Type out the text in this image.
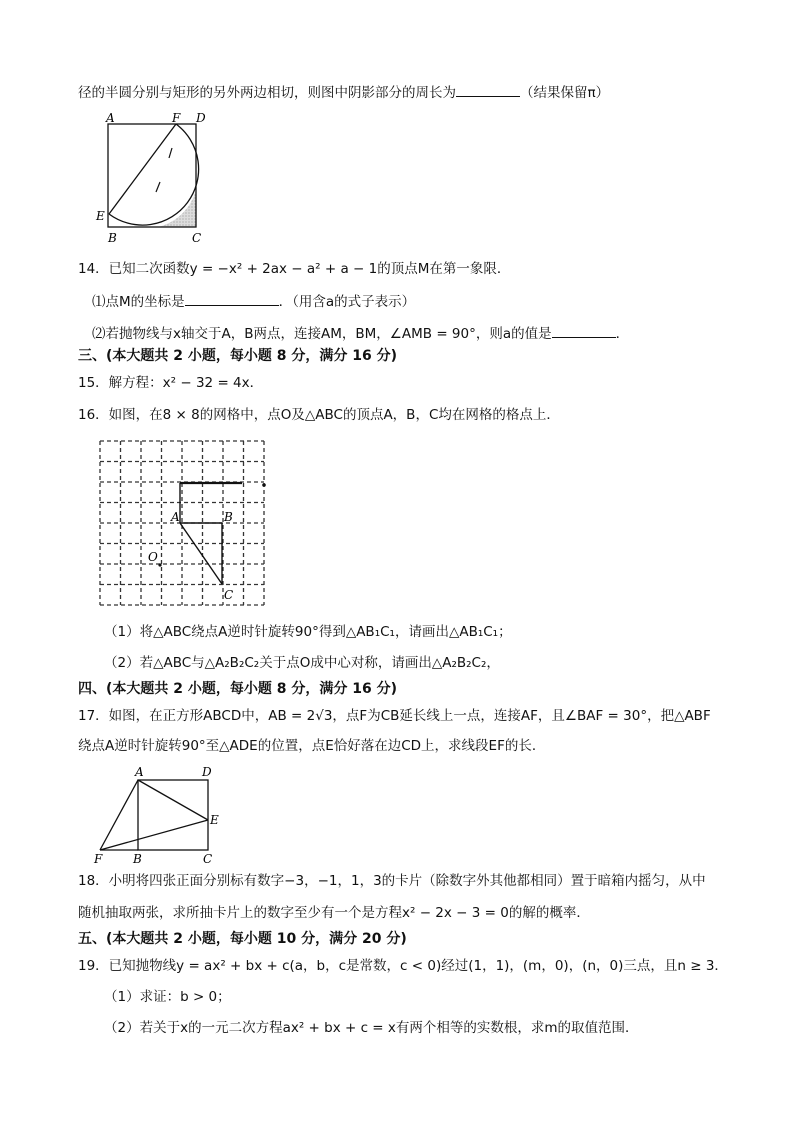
径的半圆分别与矩形的另外两边相切，则图中阴影部分的周长为	（结果保留π）
A	F D
E
B	C
14．已知二次函数y = −x² + 2ax − a² + a − 1的顶点M在第一象限．
⑴点M的坐标是	．（用含a的式子表示）
⑵若抛物线与x轴交于A，B两点，连接AM，BM，∠AMB = 90°，则a的值是	．
三、(本大题共 2 小题，每小题 8 分，满分 16 分)
15．解方程：x² − 32 = 4x．
16．如图，在8 × 8的网格中，点O及△ABC的顶点A，B，C均在网格的格点上．
A	B
O
C
（1）将△ABC绕点A逆时针旋转90°得到△AB₁C₁，请画出△AB₁C₁；
（2）若△ABC与△A₂B₂C₂关于点O成中心对称，请画出△A₂B₂C₂，
四、(本大题共 2 小题，每小题 8 分，满分 16 分)
17．如图，在正方形ABCD中，AB = 2√3，点F为CB延长线上一点，连接AF，且∠BAF = 30°，把△ABF
绕点A逆时针旋转90°至△ADE的位置，点E恰好落在边CD上，求线段EF的长．
A	D
E
F	B	C
18．小明将四张正面分别标有数字−3，−1，1，3的卡片（除数字外其他都相同）置于暗箱内摇匀，从中
随机抽取两张，求所抽卡片上的数字至少有一个是方程x² − 2x − 3 = 0的解的概率．
五、(本大题共 2 小题，每小题 10 分，满分 20 分)
19．已知抛物线y = ax² + bx + c(a，b，c是常数，c < 0)经过(1，1)，(m，0)，(n，0)三点，且n ≥ 3．
（1）求证：b > 0；
（2）若关于x的一元二次方程ax² + bx + c = x有两个相等的实数根，求m的取值范围．
